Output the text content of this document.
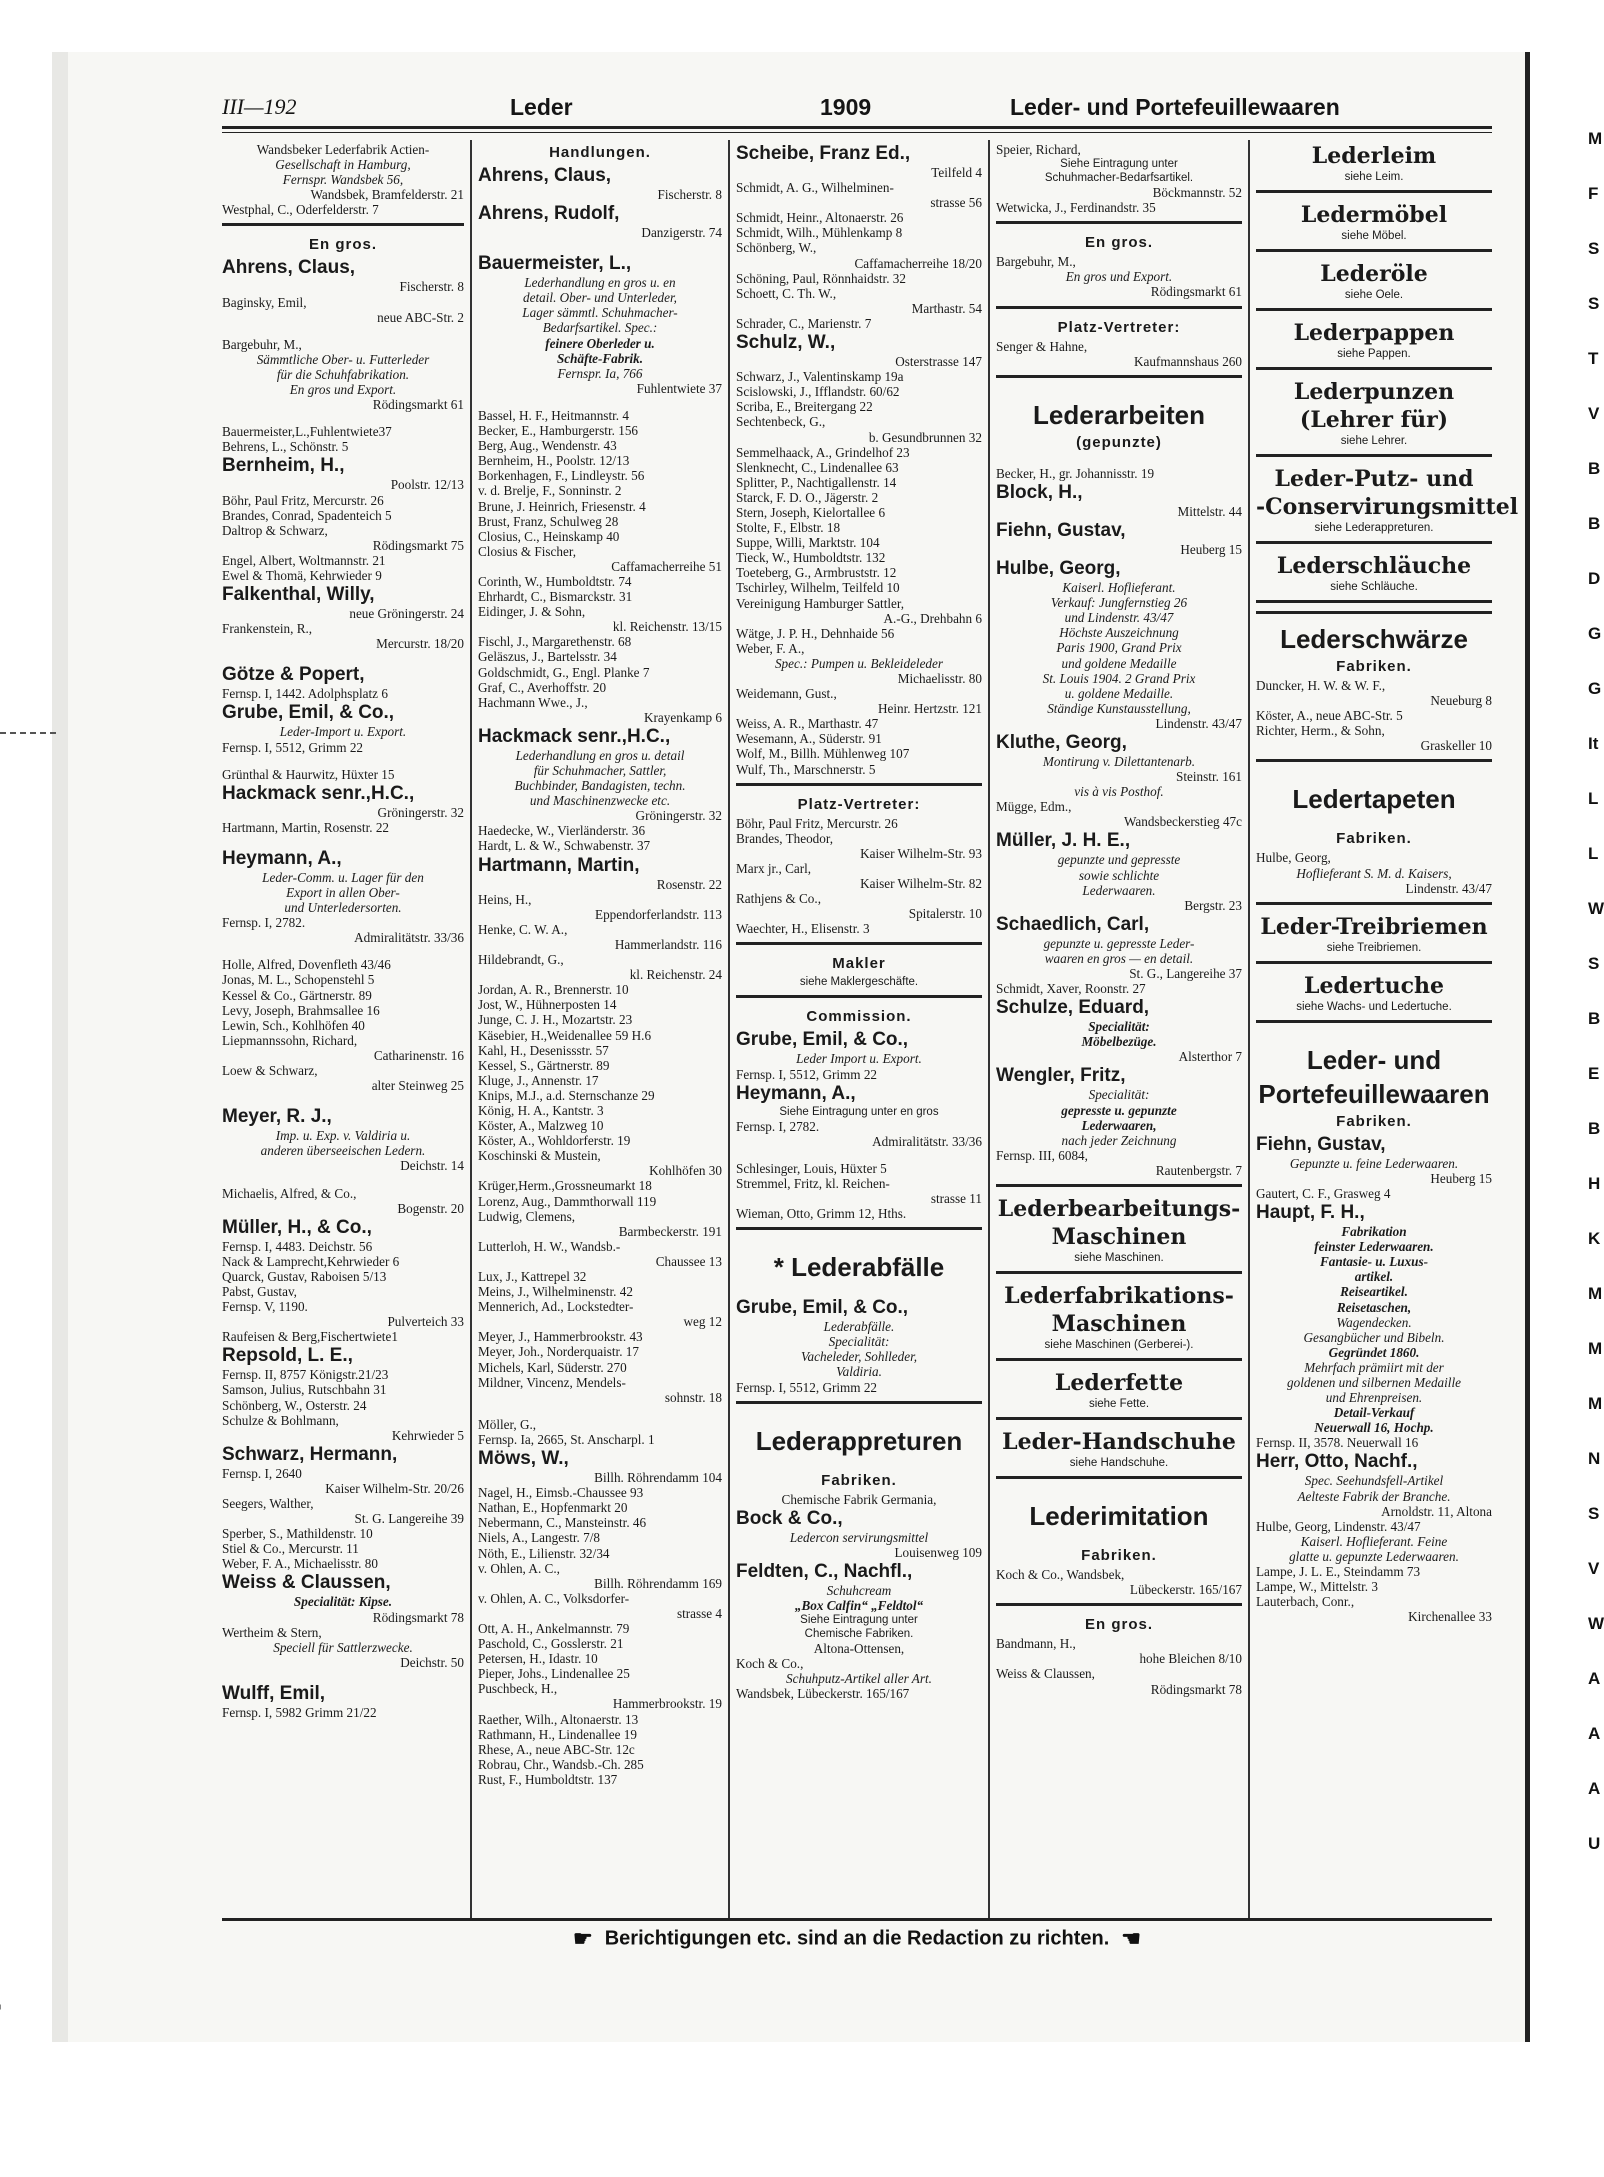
M
F
S
S
T
V
B
B
D
G
G
It
L
L
W
S
B
E
B
H
K
M
M
M
N
S
V
W
A
A
A
U
III—192	Leder	1909	Leder- und Portefeuillewaaren
Wandsbeker Lederfabrik Actien-
Gesellschaft in Hamburg,
Fernspr. Wandsbek 56,
Wandsbek, Bramfelderstr. 21
Westphal, C., Oderfelderstr. 7
En gros.
Ahrens, Claus,
Fischerstr. 8
Baginsky, Emil,
neue ABC-Str. 2
Bargebuhr, M.,
Sämmtliche Ober- u. Futterleder
für die Schuhfabrikation.
En gros und Export.
Rödingsmarkt 61
Bauermeister,L.,Fuhlentwiete37
Behrens, L., Schönstr. 5
Bernheim, H.,
Poolstr. 12/13
Böhr, Paul Fritz, Mercurstr. 26
Brandes, Conrad, Spadenteich 5
Daltrop & Schwarz,
Rödingsmarkt 75
Engel, Albert, Woltmannstr. 21
Ewel & Thomä, Kehrwieder 9
Falkenthal, Willy,
neue Gröningerstr. 24
Frankenstein, R.,
Mercurstr. 18/20
Götze & Popert,
Fernsp. I, 1442. Adolphsplatz 6
Grube, Emil, & Co.,
Leder-Import u. Export.
Fernsp. I, 5512, Grimm 22
Grünthal & Haurwitz, Hüxter 15
Hackmack senr.,H.C.,
Gröningerstr. 32
Hartmann, Martin, Rosenstr. 22
Heymann, A.,
Leder-Comm. u. Lager für den
Export in allen Ober-
und Unterledersorten.
Fernsp. I, 2782.
Admiralitätstr. 33/36
Holle, Alfred, Dovenfleth 43/46
Jonas, M. L., Schopenstehl 5
Kessel & Co., Gärtnerstr. 89
Levy, Joseph, Brahmsallee 16
Lewin, Sch., Kohlhöfen 40
Liepmannssohn, Richard,
Catharinenstr. 16
Loew & Schwarz,
alter Steinweg 25
Meyer, R. J.,
Imp. u. Exp. v. Valdiria u.
anderen überseeischen Ledern.
Deichstr. 14
Michaelis, Alfred, & Co.,
Bogenstr. 20
Müller, H., & Co.,
Fernsp. I, 4483. Deichstr. 56
Nack & Lamprecht,Kehrwieder 6
Quarck, Gustav, Raboisen 5/13
Pabst, Gustav,
Fernsp. V, 1190.
Pulverteich 33
Raufeisen & Berg,Fischertwiete1
Repsold, L. E.,
Fernsp. II, 8757 Königstr.21/23
Samson, Julius, Rutschbahn 31
Schönberg, W., Osterstr. 24
Schulze & Bohlmann,
Kehrwieder 5
Schwarz, Hermann,
Fernsp. I, 2640
Kaiser Wilhelm-Str. 20/26
Seegers, Walther,
St. G. Langereihe 39
Sperber, S., Mathildenstr. 10
Stiel & Co., Mercurstr. 11
Weber, F. A., Michaelisstr. 80
Weiss & Claussen,
Specialität: Kipse.
Rödingsmarkt 78
Wertheim & Stern,
Speciell für Sattlerzwecke.
Deichstr. 50
Wulff, Emil,
Fernsp. I, 5982 Grimm 21/22
Handlungen.
Ahrens, Claus,
Fischerstr. 8
Ahrens, Rudolf,
Danzigerstr. 74
Bauermeister, L.,
Lederhandlung en gros u. en
detail. Ober- und Unterleder,
Lager sämmtl. Schuhmacher-
Bedarfsartikel. Spec.:
feinere Oberleder u.
Schäfte-Fabrik.
Fernspr. Ia, 766
Fuhlentwiete 37
Bassel, H. F., Heitmannstr. 4
Becker, E., Hamburgerstr. 156
Berg, Aug., Wendenstr. 43
Bernheim, H., Poolstr. 12/13
Borkenhagen, F., Lindleystr. 56
v. d. Brelje, F., Sonninstr. 2
Brune, J. Heinrich, Friesenstr. 4
Brust, Franz, Schulweg 28
Closius, C., Heinskamp 40
Closius & Fischer,
Caffamacherreihe 51
Corinth, W., Humboldtstr. 74
Ehrhardt, C., Bismarckstr. 31
Eidinger, J. & Sohn,
kl. Reichenstr. 13/15
Fischl, J., Margarethenstr. 68
Geläszus, J., Bartelsstr. 34
Goldschmidt, G., Engl. Planke 7
Graf, C., Averhoffstr. 20
Hachmann Wwe., J.,
Krayenkamp 6
Hackmack senr.,H.C.,
Lederhandlung en gros u. detail
für Schuhmacher, Sattler,
Buchbinder, Bandagisten, techn.
und Maschinenzwecke etc.
Gröningerstr. 32
Haedecke, W., Vierländerstr. 36
Hardt, L. & W., Schwabenstr. 37
Hartmann, Martin,
Rosenstr. 22
Heins, H.,
Eppendorferlandstr. 113
Henke, C. W. A.,
Hammerlandstr. 116
Hildebrandt, G.,
kl. Reichenstr. 24
Jordan, A. R., Brennerstr. 10
Jost, W., Hühnerposten 14
Junge, C. J. H., Mozartstr. 23
Käsebier, H.,Weidenallee 59 H.6
Kahl, H., Desenissstr. 57
Kessel, S., Gärtnerstr. 89
Kluge, J., Annenstr. 17
Knips, M.J., a.d. Sternschanze 29
König, H. A., Kantstr. 3
Köster, A., Malzweg 10
Köster, A., Wohldorferstr. 19
Koschinski & Mustein,
Kohlhöfen 30
Krüger,Herm.,Grossneumarkt 18
Lorenz, Aug., Dammthorwall 119
Ludwig, Clemens,
Barmbeckerstr. 191
Lutterloh, H. W., Wandsb.-
Chaussee 13
Lux, J., Kattrepel 32
Meins, J., Wilhelminenstr. 42
Mennerich, Ad., Lockstedter-
weg 12
Meyer, J., Hammerbrookstr. 43
Meyer, Joh., Norderquaistr. 17
Michels, Karl, Süderstr. 270
Mildner, Vincenz, Mendels-
sohnstr. 18
Möller, G.,
Fernsp. Ia, 2665, St. Anscharpl. 1
Möws, W.,
Billh. Röhrendamm 104
Nagel, H., Eimsb.-Chaussee 93
Nathan, E., Hopfenmarkt 20
Nebermann, C., Mansteinstr. 46
Niels, A., Langestr. 7/8
Nöth, E., Lilienstr. 32/34
v. Ohlen, A. C.,
Billh. Röhrendamm 169
v. Ohlen, A. C., Volksdorfer-
strasse 4
Ott, A. H., Ankelmannstr. 79
Paschold, C., Gosslerstr. 21
Petersen, H., Idastr. 10
Pieper, Johs., Lindenallee 25
Puschbeck, H.,
Hammerbrookstr. 19
Raether, Wilh., Altonaerstr. 13
Rathmann, H., Lindenallee 19
Rhese, A., neue ABC-Str. 12c
Robrau, Chr., Wandsb.-Ch. 285
Rust, F., Humboldtstr. 137
Scheibe, Franz Ed.,
Teilfeld 4
Schmidt, A. G., Wilhelminen-
strasse 56
Schmidt, Heinr., Altonaerstr. 26
Schmidt, Wilh., Mühlenkamp 8
Schönberg, W.,
Caffamacherreihe 18/20
Schöning, Paul, Rönnhaidstr. 32
Schoett, C. Th. W.,
Marthastr. 54
Schrader, C., Marienstr. 7
Schulz, W.,
Osterstrasse 147
Schwarz, J., Valentinskamp 19a
Scislowski, J., Ifflandstr. 60/62
Scriba, E., Breitergang 22
Sechtenbeck, G.,
b. Gesundbrunnen 32
Semmelhaack, A., Grindelhof 23
Slenknecht, C., Lindenallee 63
Splitter, P., Nachtigallenstr. 14
Starck, F. D. O., Jägerstr. 2
Stern, Joseph, Kielortallee 6
Stolte, F., Elbstr. 18
Suppe, Willi, Marktstr. 104
Tieck, W., Humboldtstr. 132
Toeteberg, G., Armbruststr. 12
Tschirley, Wilhelm, Teilfeld 10
Vereinigung Hamburger Sattler,
A.-G., Drehbahn 6
Wätge, J. P. H., Dehnhaide 56
Weber, F. A.,
Spec.: Pumpen u. Bekleideleder
Michaelisstr. 80
Weidemann, Gust.,
Heinr. Hertzstr. 121
Weiss, A. R., Marthastr. 47
Wesemann, A., Süderstr. 91
Wolf, M., Billh. Mühlenweg 107
Wulf, Th., Marschnerstr. 5
Platz-Vertreter:
Böhr, Paul Fritz, Mercurstr. 26
Brandes, Theodor,
Kaiser Wilhelm-Str. 93
Marx jr., Carl,
Kaiser Wilhelm-Str. 82
Rathjens & Co.,
Spitalerstr. 10
Waechter, H., Elisenstr. 3
Makler
siehe Maklergeschäfte.
Commission.
Grube, Emil, & Co.,
Leder Import u. Export.
Fernsp. I, 5512, Grimm 22
Heymann, A.,
Siehe Eintragung unter en gros
Fernsp. I, 2782.
Admiralitätstr. 33/36
Schlesinger, Louis, Hüxter 5
Stremmel, Fritz, kl. Reichen-
strasse 11
Wieman, Otto, Grimm 12, Hths.
* Lederabfälle
Grube, Emil, & Co.,
Lederabfälle.
Specialität:
Vacheleder, Sohlleder,
Valdiria.
Fernsp. I, 5512, Grimm 22
Lederappreturen
Fabriken.
Chemische Fabrik Germania,
Bock & Co.,
Ledercon servirungsmittel
Louisenweg 109
Feldten, C., Nachfl.,
Schuhcream
„Box Calfin“ „Feldtol“
Siehe Eintragung unter
Chemische Fabriken.
Altona-Ottensen,
Koch & Co.,
Schuhputz-Artikel aller Art.
Wandsbek, Lübeckerstr. 165/167
Speier, Richard,
Siehe Eintragung unter
Schuhmacher-Bedarfsartikel.
Böckmannstr. 52
Wetwicka, J., Ferdinandstr. 35
En gros.
Bargebuhr, M.,
En gros und Export.
Rödingsmarkt 61
Platz-Vertreter:
Senger & Hahne,
Kaufmannshaus 260
Lederarbeiten
(gepunzte)
Becker, H., gr. Johannisstr. 19
Block, H.,
Mittelstr. 44
Fiehn, Gustav,
Heuberg 15
Hulbe, Georg,
Kaiserl. Hoflieferant.
Verkauf: Jungfernstieg 26
und Lindenstr. 43/47
Höchste Auszeichnung
Paris 1900, Grand Prix
und goldene Medaille
St. Louis 1904. 2 Grand Prix
u. goldene Medaille.
Ständige Kunstausstellung,
Lindenstr. 43/47
Kluthe, Georg,
Montirung v. Dilettantenarb.
Steinstr. 161
vis à vis Posthof.
Mügge, Edm.,
Wandsbeckerstieg 47c
Müller, J. H. E.,
gepunzte und gepresste
sowie schlichte
Lederwaaren.
Bergstr. 23
Schaedlich, Carl,
gepunzte u. gepresste Leder-
waaren en gros — en detail.
St. G., Langereihe 37
Schmidt, Xaver, Roonstr. 27
Schulze, Eduard,
Specialität:
Möbelbezüge.
Alsterthor 7
Wengler, Fritz,
Specialität:
gepresste u. gepunzte
Lederwaaren,
nach jeder Zeichnung
Fernsp. III, 6084,
Rautenbergstr. 7
Lederbearbeitungs-
Maschinen
siehe Maschinen.
Lederfabrikations-
Maschinen
siehe Maschinen (Gerberei-).
Lederfette
siehe Fette.
Leder-Handschuhe
siehe Handschuhe.
Lederimitation
Fabriken.
Koch & Co., Wandsbek,
Lübeckerstr. 165/167
En gros.
Bandmann, H.,
hohe Bleichen 8/10
Weiss & Claussen,
Rödingsmarkt 78
Lederleim
siehe Leim.
Ledermöbel
siehe Möbel.
Lederöle
siehe Oele.
Lederpappen
siehe Pappen.
Lederpunzen
(Lehrer für)
siehe Lehrer.
Leder-Putz- und
-Conservirungsmittel
siehe Lederappreturen.
Lederschläuche
siehe Schläuche.
Lederschwärze
Fabriken.
Duncker, H. W. & W. F.,
Neueburg 8
Köster, A., neue ABC-Str. 5
Richter, Herm., & Sohn,
Graskeller 10
Ledertapeten
Fabriken.
Hulbe, Georg,
Hoflieferant S. M. d. Kaisers,
Lindenstr. 43/47
Leder-Treibriemen
siehe Treibriemen.
Ledertuche
siehe Wachs- und Ledertuche.
Leder- und
Portefeuillewaaren
Fabriken.
Fiehn, Gustav,
Gepunzte u. feine Lederwaaren.
Heuberg 15
Gautert, C. F., Grasweg 4
Haupt, F. H.,
Fabrikation
feinster Lederwaaren.
Fantasie- u. Luxus-
artikel.
Reiseartikel.
Reisetaschen,
Wagendecken.
Gesangbücher und Bibeln.
Gegründet 1860.
Mehrfach prämiirt mit der
goldenen und silbernen Medaille
und Ehrenpreisen.
Detail-Verkauf
Neuerwall 16, Hochp.
Fernsp. II, 3578. Neuerwall 16
Herr, Otto, Nachf.,
Spec. Seehundsfell-Artikel
Aelteste Fabrik der Branche.
Arnoldstr. 11, Altona
Hulbe, Georg, Lindenstr. 43/47
Kaiserl. Hoflieferant. Feine
glatte u. gepunzte Lederwaaren.
Lampe, J. L. E., Steindamm 73
Lampe, W., Mittelstr. 3
Lauterbach, Conr.,
Kirchenallee 33
☛ Berichtigungen etc. sind an die Redaction zu richten. ☚
